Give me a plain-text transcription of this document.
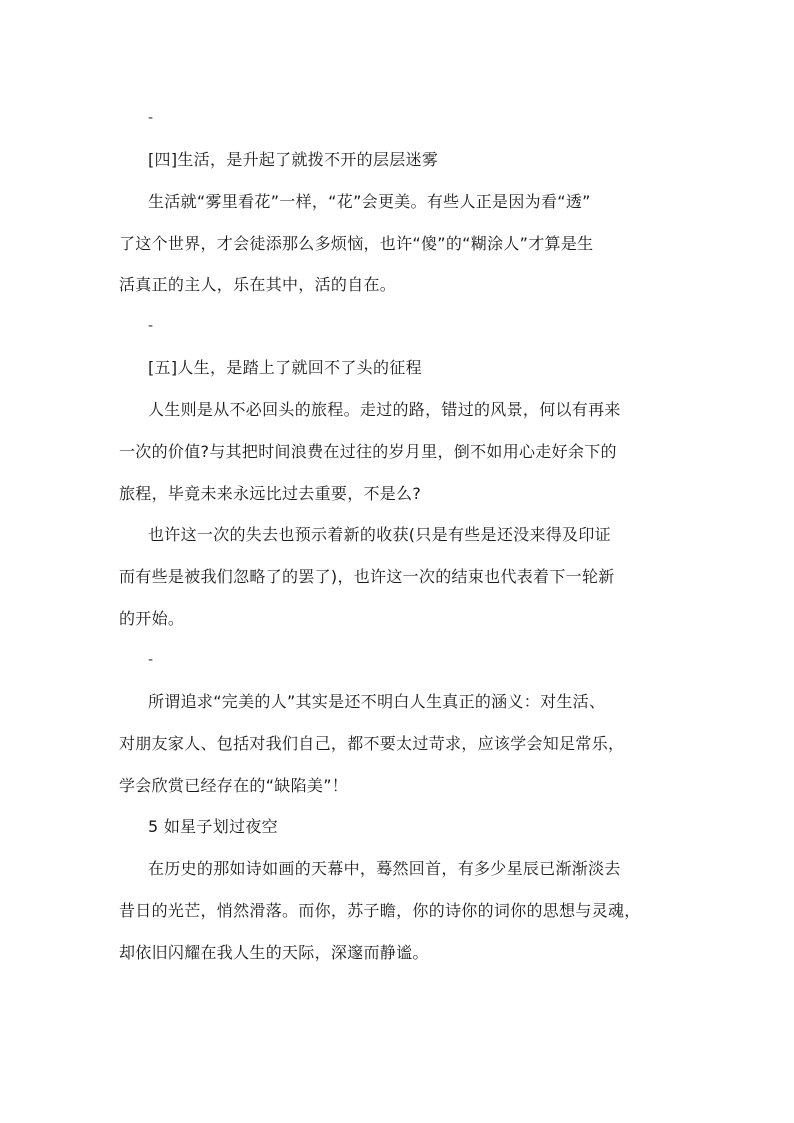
-
[四]生活，是升起了就拨不开的层层迷雾
生活就“雾里看花”一样，“花”会更美。有些人正是因为看“透”
了这个世界，才会徒添那么多烦恼，也许“傻”的“糊涂人”才算是生
活真正的主人，乐在其中，活的自在。
-
[五]人生，是踏上了就回不了头的征程
人生则是从不必回头的旅程。走过的路，错过的风景，何以有再来
一次的价值?与其把时间浪费在过往的岁月里，倒不如用心走好余下的
旅程，毕竟未来永远比过去重要，不是么?
也许这一次的失去也预示着新的收获(只是有些是还没来得及印证
而有些是被我们忽略了的罢了)，也许这一次的结束也代表着下一轮新
的开始。
-
所谓追求“完美的人”其实是还不明白人生真正的涵义：对生活、
对朋友家人、包括对我们自己，都不要太过苛求，应该学会知足常乐，
学会欣赏已经存在的“缺陷美”！
5 如星子划过夜空
在历史的那如诗如画的天幕中，蓦然回首，有多少星辰已渐渐淡去
昔日的光芒，悄然滑落。而你，苏子瞻，你的诗你的词你的思想与灵魂，
却依旧闪耀在我人生的天际，深邃而静谧。
